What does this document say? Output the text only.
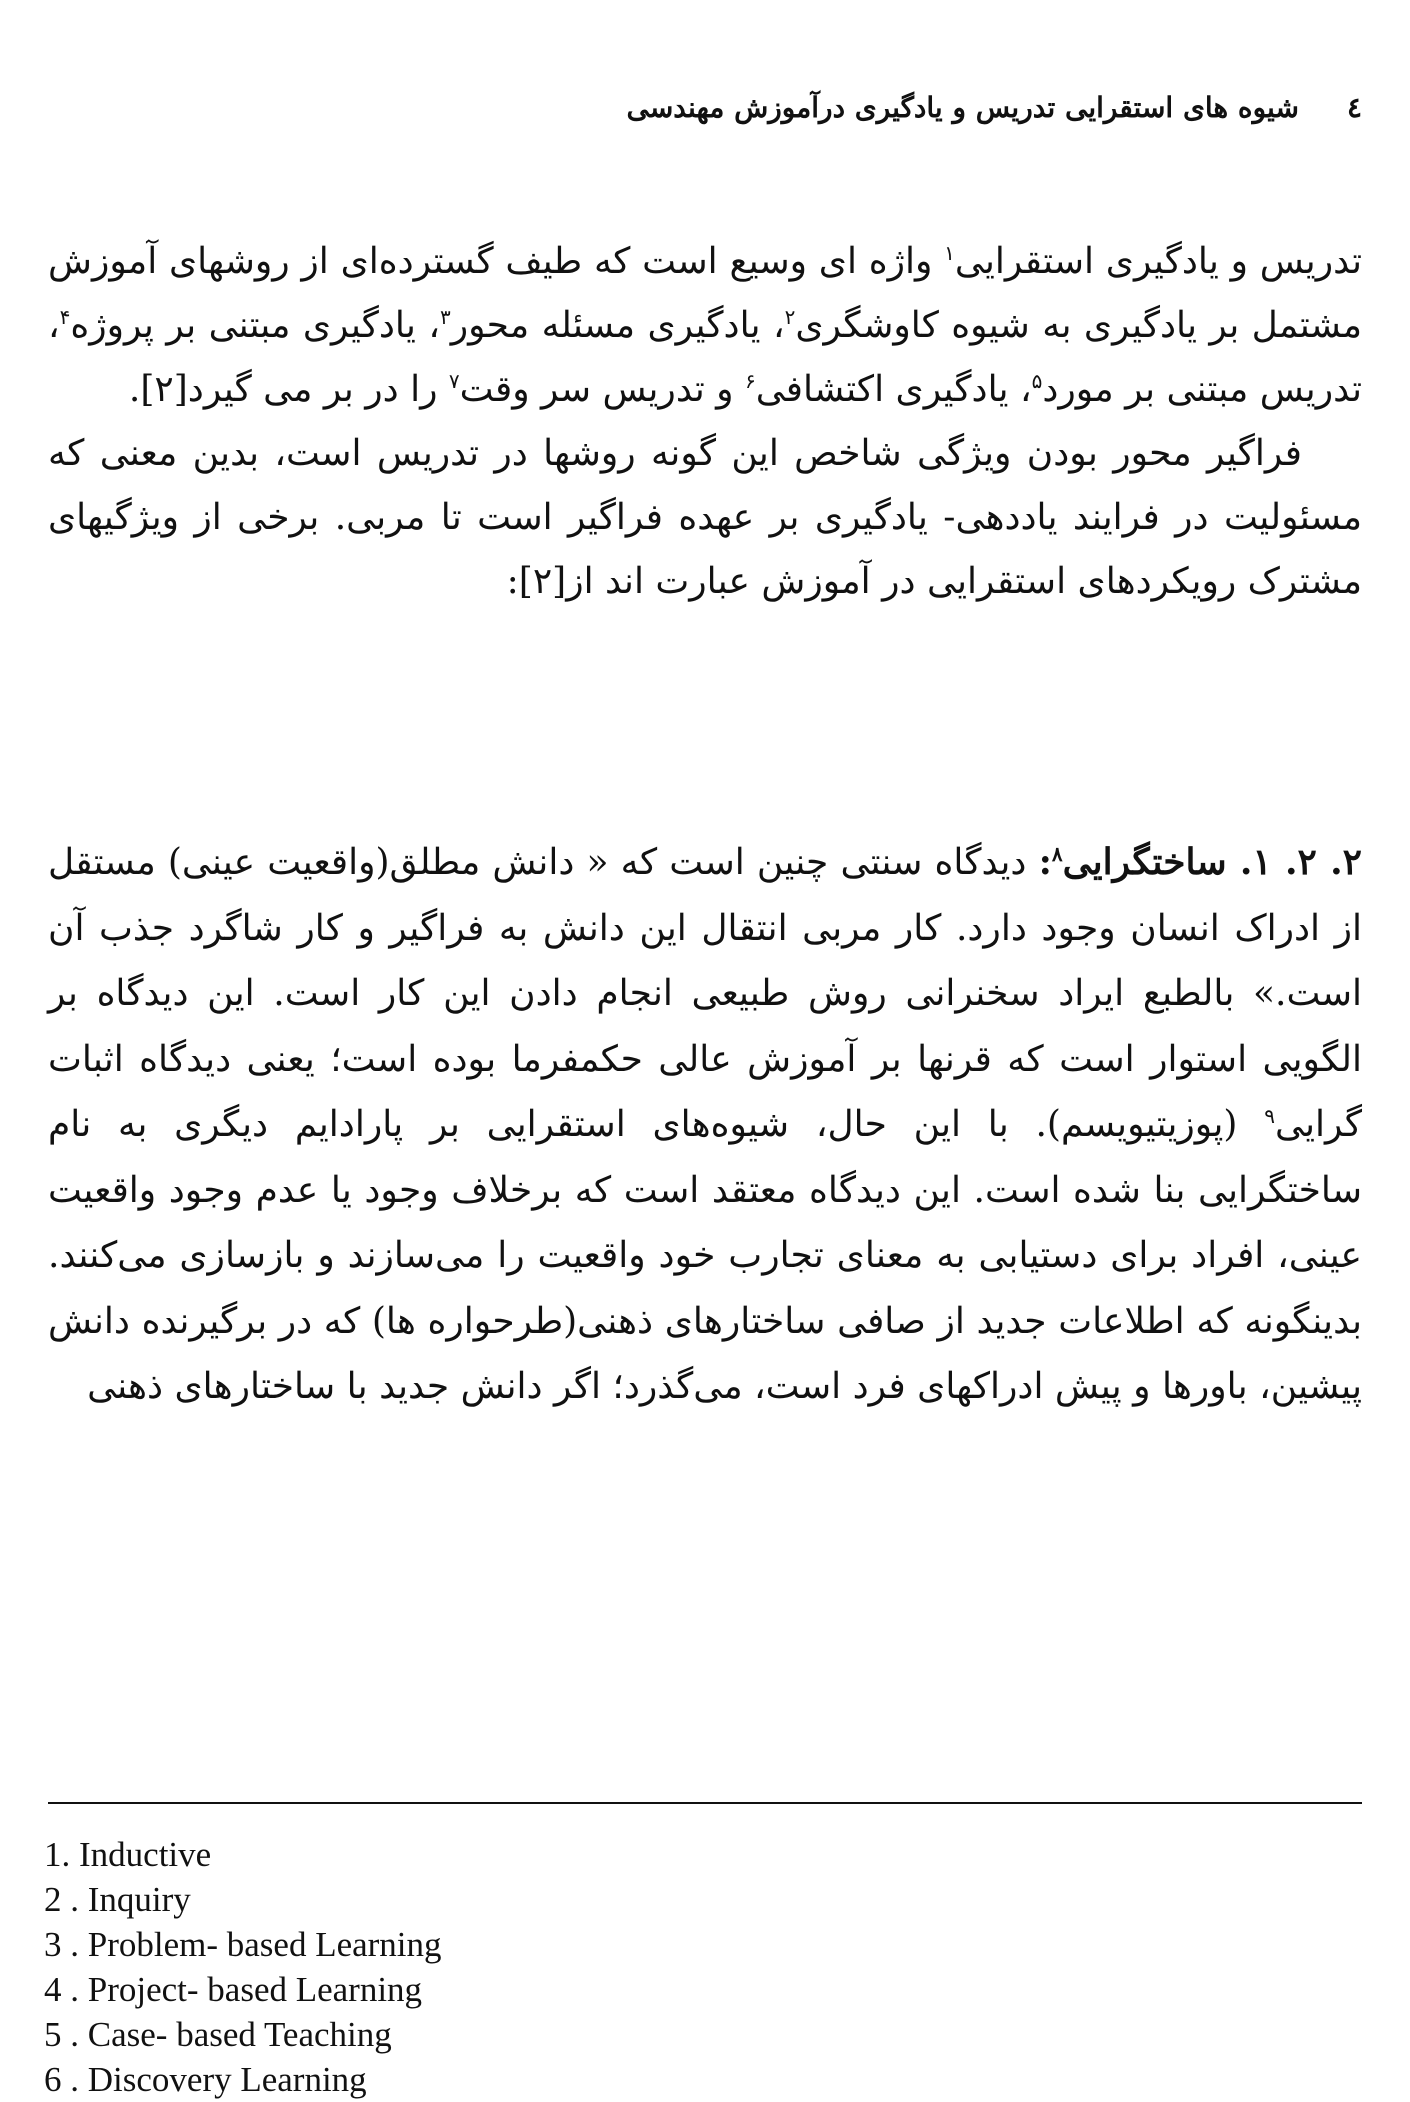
٤شیوه های استقرایی تدریس و یادگیری درآموزش مهندسی

تدریس و یادگیری استقرایی$^۱$ واژه ای وسیع است که طیف گسترده‌ای از روشهای آموزش مشتمل بر یادگیری به شیوه کاوشگری$^۲$، یادگیری مسئله محور$^۳$، یادگیری مبتنی بر پروژه$^۴$، تدریس مبتنی بر مورد$^۵$، یادگیری اکتشافی$^۶$ و تدریس سر وقت$^۷$ را در بر می گیرد[۲].

فراگیر محور بودن ویژگی شاخص این گونه روشها در تدریس است، بدین معنی که مسئولیت در فرایند یاددهی- یادگیری بر عهده فراگیر است تا مربی. برخی از ویژگیهای مشترک رویکردهای استقرایی در آموزش عبارت اند از[۲]:

۲. ۲. ۱. ساختگرایی$^۸$: دیدگاه سنتی چنین است که « دانش مطلق(واقعیت عینی) مستقل از ادراک انسان وجود دارد. کار مربی انتقال این دانش به فراگیر و کار شاگرد جذب آن است.» بالطبع ایراد سخنرانی روش طبیعی انجام دادن این کار است. این دیدگاه بر الگویی استوار است که قرنها بر آموزش عالی حکمفرما بوده است؛ یعنی دیدگاه اثبات گرایی$^۹$ (پوزیتیویسم). با این حال، شیوه‌های استقرایی بر پارادایم دیگری به نام ساختگرایی بنا شده است. این دیدگاه معتقد است که برخلاف وجود یا عدم وجود واقعیت عینی، افراد برای دستیابی به معنای تجارب خود واقعیت را می‌سازند و بازسازی می‌کنند. بدینگونه که اطلاعات جدید از صافی ساختارهای ذهنی(طرحواره ها) که در برگیرنده دانش پیشین، باورها و پیش ادراکهای فرد است، می‌گذرد؛ اگر دانش جدید با ساختارهای ذهنی

1. Inductive
2 . Inquiry
3 . Problem- based Learning
4 . Project- based Learning
5 . Case- based Teaching
6 . Discovery Learning
